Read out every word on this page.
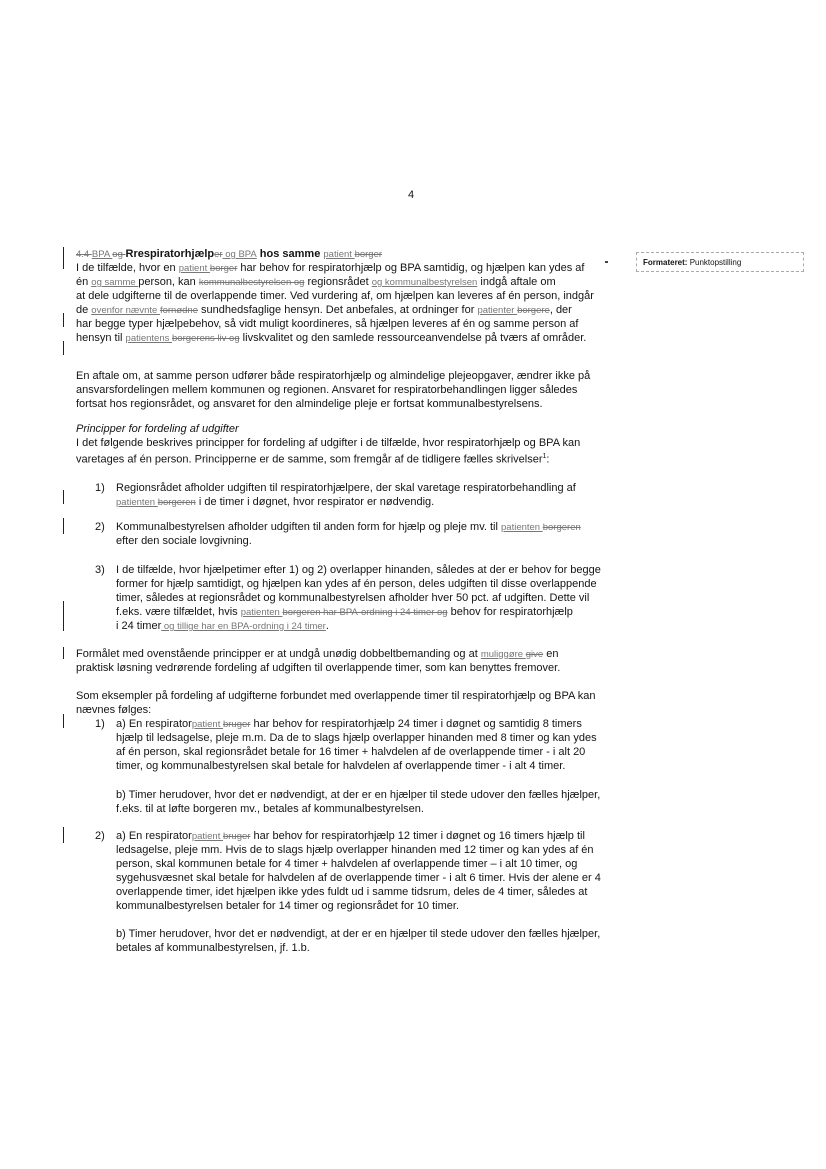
4
Formateret: Punktopstilling
4.4 BPA og Rrespiratorhjælper og BPA hos samme patient borger
I de tilfælde, hvor en patient borger har behov for respiratorhjælp og BPA samtidig, og hjælpen kan ydes af
én og samme person, kan kommunalbestyrelsen og regionsrådet og kommunalbestyrelsen indgå aftale om
at dele udgifterne til de overlappende timer. Ved vurdering af, om hjælpen kan leveres af én person, indgår
de ovenfor nævnte fornødne sundhedsfaglige hensyn. Det anbefales, at ordninger for patienter borgere, der
har begge typer hjælpebehov, så vidt muligt koordineres, så hjælpen leveres af én og samme person af
hensyn til patientens borgerens liv og livskvalitet og den samlede ressourceanvendelse på tværs af områder.
En aftale om, at samme person udfører både respiratorhjælp og almindelige plejeopgaver, ændrer ikke på
ansvarsfordelingen mellem kommunen og regionen. Ansvaret for respiratorbehandlingen ligger således
fortsat hos regionsrådet, og ansvaret for den almindelige pleje er fortsat kommunalbestyrelsens.
Principper for fordeling af udgifter
I det følgende beskrives principper for fordeling af udgifter i de tilfælde, hvor respiratorhjælp og BPA kan
varetages af én person. Principperne er de samme, som fremgår af de tidligere fælles skrivelser$^1$:
1) Regionsrådet afholder udgiften til respiratorhjælpere, der skal varetage respiratorbehandling af
patienten borgeren i de timer i døgnet, hvor respirator er nødvendig.
2) Kommunalbestyrelsen afholder udgiften til anden form for hjælp og pleje mv. til patienten borgeren
efter den sociale lovgivning.
3) I de tilfælde, hvor hjælpetimer efter 1) og 2) overlapper hinanden, således at der er behov for begge
former for hjælp samtidigt, og hjælpen kan ydes af én person, deles udgiften til disse overlappende
timer, således at regionsrådet og kommunalbestyrelsen afholder hver 50 pct. af udgiften. Dette vil
f.eks. være tilfældet, hvis patienten borgeren har BPA-ordning i 24 timer og behov for respiratorhjælp
i 24 timer og tillige har en BPA-ordning i 24 timer.
Formålet med ovenstående principper er at undgå unødig dobbeltbemanding og at muliggøre give en
praktisk løsning vedrørende fordeling af udgiften til overlappende timer, som kan benyttes fremover.
Som eksempler på fordeling af udgifterne forbundet med overlappende timer til respiratorhjælp og BPA kan
nævnes følges:
1) a) En respiratorpatient bruger har behov for respiratorhjælp 24 timer i døgnet og samtidig 8 timers
hjælp til ledsagelse, pleje m.m. Da de to slags hjælp overlapper hinanden med 8 timer og kan ydes
af én person, skal regionsrådet betale for 16 timer + halvdelen af de overlappende timer - i alt 20
timer, og kommunalbestyrelsen skal betale for halvdelen af overlappende timer - i alt 4 timer.
b) Timer herudover, hvor det er nødvendigt, at der er en hjælper til stede udover den fælles hjælper,
f.eks. til at løfte borgeren mv., betales af kommunalbestyrelsen.
2) a) En respiratorpatient bruger har behov for respiratorhjælp 12 timer i døgnet og 16 timers hjælp til
ledsagelse, pleje mm. Hvis de to slags hjælp overlapper hinanden med 12 timer og kan ydes af én
person, skal kommunen betale for 4 timer + halvdelen af overlappende timer – i alt 10 timer, og
sygehusvæsnet skal betale for halvdelen af de overlappende timer - i alt 6 timer. Hvis der alene er 4
overlappende timer, idet hjælpen ikke ydes fuldt ud i samme tidsrum, deles de 4 timer, således at
kommunalbestyrelsen betaler for 14 timer og regionsrådet for 10 timer.
b) Timer herudover, hvor det er nødvendigt, at der er en hjælper til stede udover den fælles hjælper,
betales af kommunalbestyrelsen, jf. 1.b.
